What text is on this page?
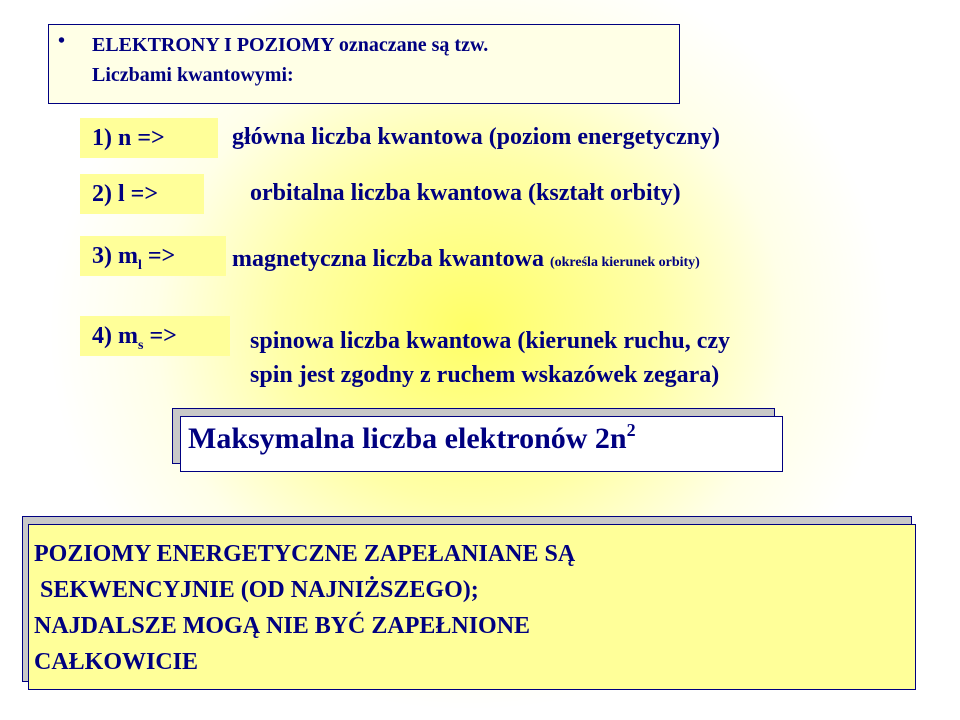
• ELEKTRONY I POZIOMY oznaczane są tzw.
Liczbami kwantowymi:
1) n =>	główna liczba kwantowa (poziom energetyczny)
2) l =>	orbitalna liczba kwantowa (kształt orbity)
3) $m_l$ =>	magnetyczna liczba kwantowa (określa kierunek orbity)
4) $m_s$ =>	spinowa liczba kwantowa (kierunek ruchu, czy
spin jest zgodny z ruchem wskazówek zegara)
Maksymalna liczba elektronów $2n^2$
POZIOMY ENERGETYCZNE ZAPEŁANIANE SĄ
SEKWENCYJNIE (OD NAJNIŻSZEGO);
NAJDALSZE MOGĄ NIE BYĆ ZAPEŁNIONE
CAŁKOWICIE
